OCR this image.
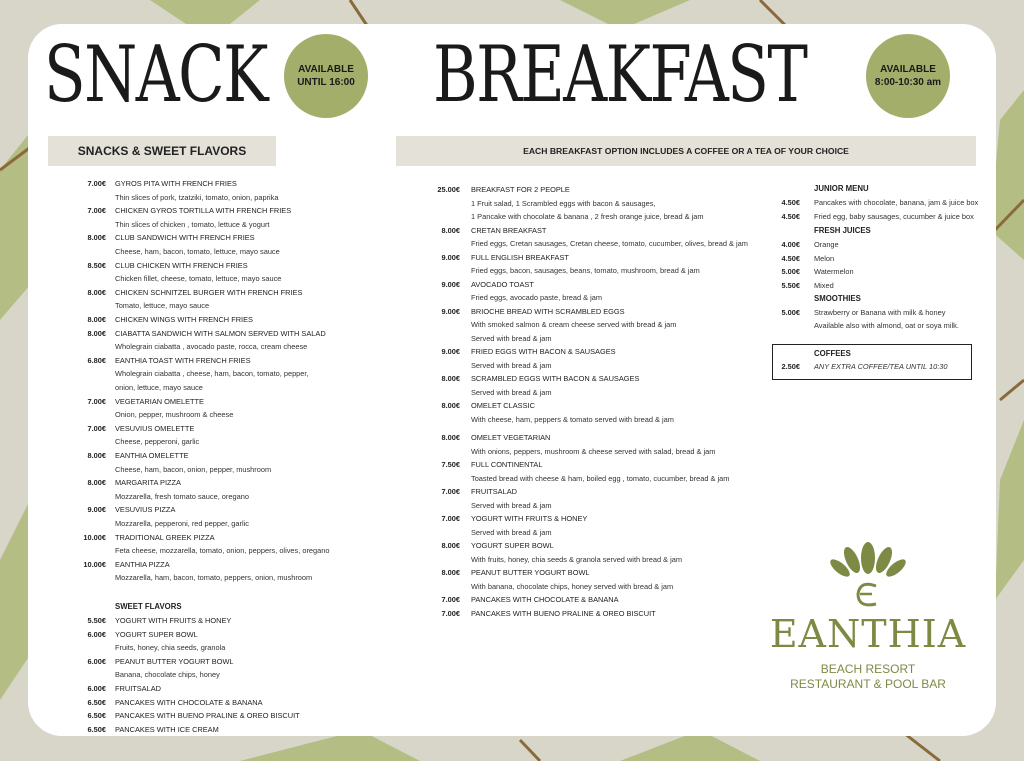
SNACK	AVAILABLE
UNTIL 16:00 BREAKFAST	AVAILABLE
8:00-10:30 am
SNACKS & SWEET FLAVORS	EACH BREAKFAST OPTION INCLUDES A COFFEE OR A TEA OF YOUR CHOICE
7.00€ GYROS PITA WITH FRENCH FRIES
Thin slices of pork, tzatziki, tomato, onion, paprika
7.00€ CHICKEN GYROS TORTILLA WITH FRENCH FRIES
Thin slices of chicken , tomato, lettuce & yogurt
8.00€ CLUB SANDWICH WITH FRENCH FRIES
Cheese, ham, bacon, tomato, lettuce, mayo sauce
8.50€ CLUB CHICKEN WITH FRENCH FRIES
Chicken fillet, cheese, tomato, lettuce, mayo sauce
8.00€ CHICKEN SCHNITZEL BURGER WITH FRENCH FRIES
Tomato, lettuce, mayo sauce
8.00€ CHICKEN WINGS WITH FRENCH FRIES
8.00€ CIABATTA SANDWICH WITH SALMON SERVED WITH SALAD
Wholegrain ciabatta , avocado paste, rocca, cream cheese
6.80€ EANTHIA TOAST WITH FRENCH FRIES
Wholegrain ciabatta , cheese, ham, bacon, tomato, pepper,
onion, lettuce, mayo sauce
7.00€ VEGETARIAN OMELETTE
Onion, pepper, mushroom & cheese
7.00€ VESUVIUS OMELETTE
Cheese, pepperoni, garlic
8.00€ EANTHIA OMELETTE
Cheese, ham, bacon, onion, pepper, mushroom
8.00€ MARGARITA PIZZA
Mozzarella, fresh tomato sauce, oregano
9.00€ VESUVIUS PIZZA
Mozzarella, pepperoni, red pepper, garlic
10.00€ TRADITIONAL GREEK PIZZA
Feta cheese, mozzarella, tomato, onion, peppers, olives, oregano
10.00€ EANTHIA PIZZA
Mozzarella, ham, bacon, tomato, peppers, onion, mushroom
SWEET FLAVORS
5.50€ YOGURT WITH FRUITS & HONEY
6.00€ YOGURT SUPER BOWL
Fruits, honey, chia seeds, granola
6.00€ PEANUT BUTTER YOGURT BOWL
Banana, chocolate chips, honey
6.00€ FRUITSALAD
6.50€ PANCAKES WITH CHOCOLATE & BANANA
6.50€ PANCAKES WITH BUENO PRALINE & OREO BISCUIT
6.50€ PANCAKES WITH ICE CREAM
25.00€ BREAKFAST FOR 2 PEOPLE
1 Fruit salad, 1 Scrambled eggs with bacon & sausages,
1 Pancake with chocolate & banana , 2 fresh orange juice, bread & jam
8.00€ CRETAN BREAKFAST
Fried eggs, Cretan sausages, Cretan cheese, tomato, cucumber, olives, bread & jam
9.00€ FULL ENGLISH BREAKFAST
Fried eggs, bacon, sausages, beans, tomato, mushroom, bread & jam
9.00€ AVOCADO TOAST
Fried eggs, avocado paste, bread & jam
9.00€ BRIOCHE BREAD WITH SCRAMBLED EGGS
With smoked salmon & cream cheese served with bread & jam
Served with bread & jam
9.00€ FRIED EGGS WITH BACON & SAUSAGES
Served with bread & jam
8.00€ SCRAMBLED EGGS WITH BACON & SAUSAGES
Served with bread & jam
8.00€ OMELET CLASSIC
With cheese, ham, peppers & tomato served with bread & jam
8.00€ OMELET VEGETARIAN
With onions, peppers, mushroom & cheese served with salad, bread & jam
7.50€ FULL CONTINENTAL
Toasted bread with cheese & ham, boiled egg , tomato, cucumber, bread & jam
7.00€ FRUITSALAD
Served with bread & jam
7.00€ YOGURT WITH FRUITS & HONEY
Served with bread & jam
8.00€ YOGURT SUPER BOWL
With fruits, honey, chia seeds & granola served with bread & jam
8.00€ PEANUT BUTTER YOGURT BOWL
With banana, chocolate chips, honey served with bread & jam
7.00€ PANCAKES WITH CHOCOLATE & BANANA
7.00€ PANCAKES WITH BUENO PRALINE & OREO BISCUIT
JUNIOR MENU
4.50€ Pancakes with chocolate, banana, jam & juice box
4.50€ Fried egg, baby sausages, cucumber & juice box
FRESH JUICES
4.00€ Orange
4.50€ Melon
5.00€ Watermelon
5.50€ Mixed
SMOOTHIES
5.00€ Strawberry or Banana with milk & honey
Available also with almond, oat or soya milk.
COFFEES
2.50€ ANY EXTRA COFFEE/TEA UNTIL 10:30
EANTHIA
BEACH RESORT
RESTAURANT & POOL BAR
